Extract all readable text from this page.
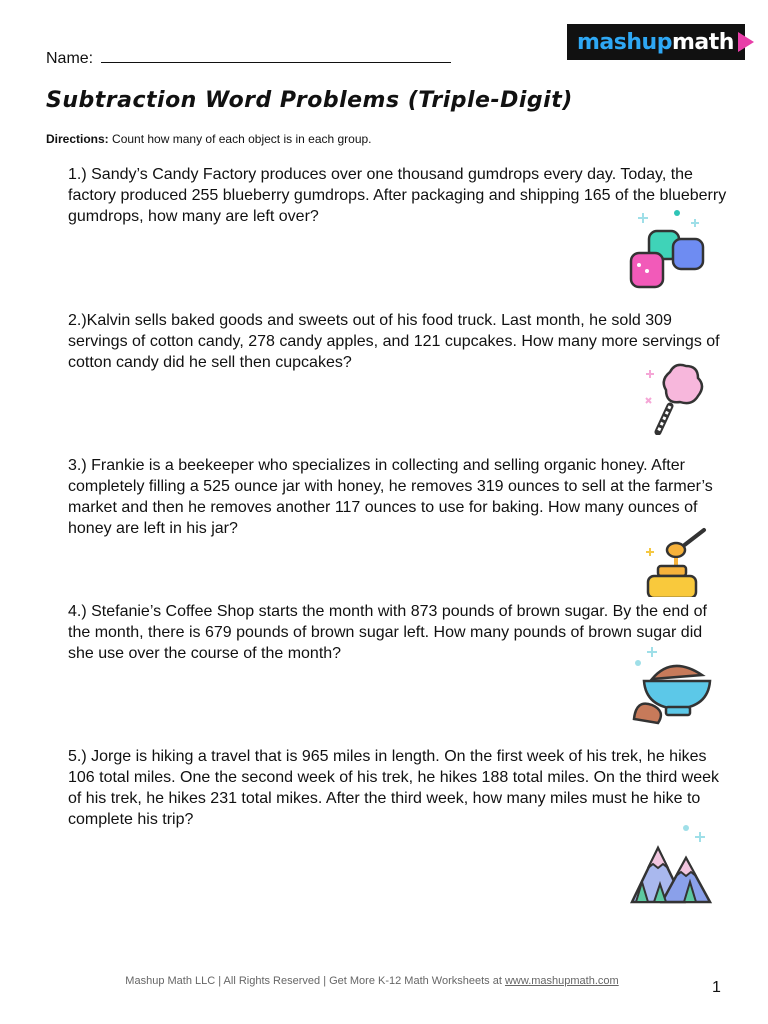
Name:
mashupmath
Subtraction Word Problems (Triple-Digit)
Directions: Count how many of each object is in each group.

1.) Sandy’s Candy Factory produces over one thousand gumdrops every day. Today, the factory produced 255 blueberry gumdrops. After packaging and shipping 165 of the blueberry gumdrops, how many are left over?

2.)Kalvin sells baked goods and sweets out of his food truck. Last month, he sold 309 servings of cotton candy, 278 candy apples, and 121 cupcakes. How many more servings of cotton candy did he sell then cupcakes?

3.) Frankie is a beekeeper who specializes in collecting and selling organic honey. After completely filling a 525 ounce jar with honey, he removes 319 ounces to sell at the farmer’s market and then he removes another 117 ounces to use for baking. How many ounces of honey are left in his jar?

4.) Stefanie’s Coffee Shop starts the month with 873 pounds of brown sugar. By the end of the month, there is 679 pounds of brown sugar left. How many pounds of brown sugar did she use over the course of the month?

5.) Jorge is hiking a travel that is 965 miles in length. On the first week of his trek, he hikes 106 total miles. One the second week of his trek, he hikes 188 total miles. On the third week of his trek, he hikes 231 total mikes. After the third week, how many miles must he hike to complete his trip?

Mashup Math LLC | All Rights Reserved | Get More K-12 Math Worksheets at www.mashupmath.com	1
